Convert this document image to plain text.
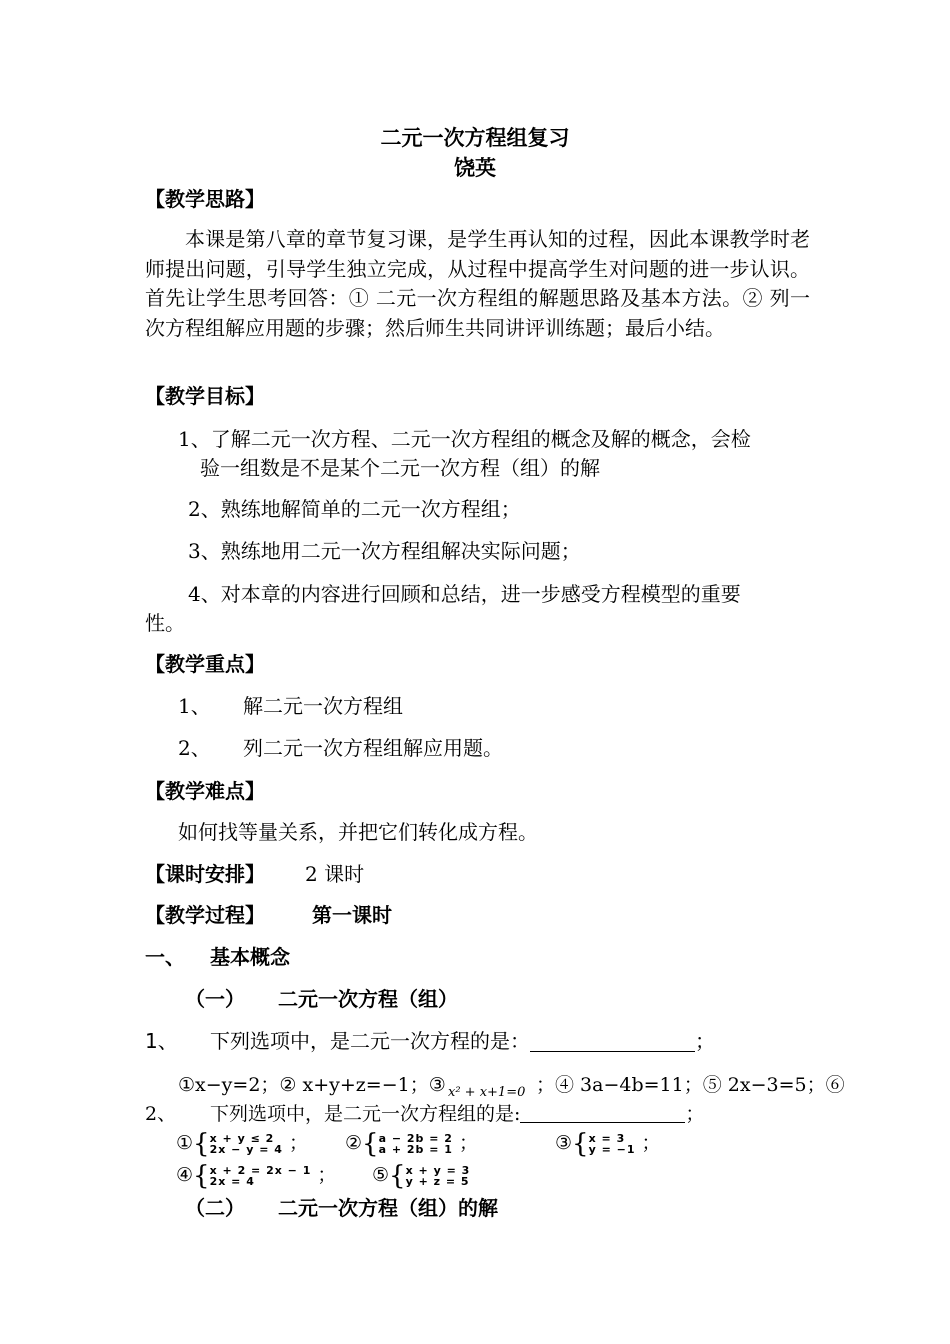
二元一次方程组复习
饶英
【教学思路】
本课是第八章的章节复习课，是学生再认知的过程，因此本课教学时老师提出问题，引导学生独立完成，从过程中提高学生对问题的进一步认识。首先让学生思考回答：① 二元一次方程组的解题思路及基本方法。② 列一次方程组解应用题的步骤；然后师生共同讲评训练题；最后小结。
【教学目标】
1、了解二元一次方程、二元一次方程组的概念及解的概念，会检
验一组数是不是某个二元一次方程（组）的解
2、熟练地解简单的二元一次方程组；
3、熟练地用二元一次方程组解决实际问题；
4、对本章的内容进行回顾和总结，进一步感受方程模型的重要
性。
【教学重点】
1、 解二元一次方程组
2、 列二元一次方程组解应用题。
【教学难点】
如何找等量关系，并把它们转化成方程。
【课时安排】 2 课时
【教学过程】 第一课时
一、 基本概念
（一） 二元一次方程（组）
1、 下列选项中，是二元一次方程的是：	；
①x−y=2；② x+y+z=−1；③ x² + x+1=0 ；④ 3a−4b=11；⑤ 2x−3=5；⑥
2、 下列选项中，是二元一次方程组的是:	；
①{ x + y ≤ 2
2x − y = 4 ； ②{ a − 2b = 2
a + 2b = 1 ；	③{ x = 3
y = −1 ；
④{ x + 2 = 2x − 1
2x = 4	； ⑤{ x + y = 3
y + z = 5
（二） 二元一次方程（组）的解
